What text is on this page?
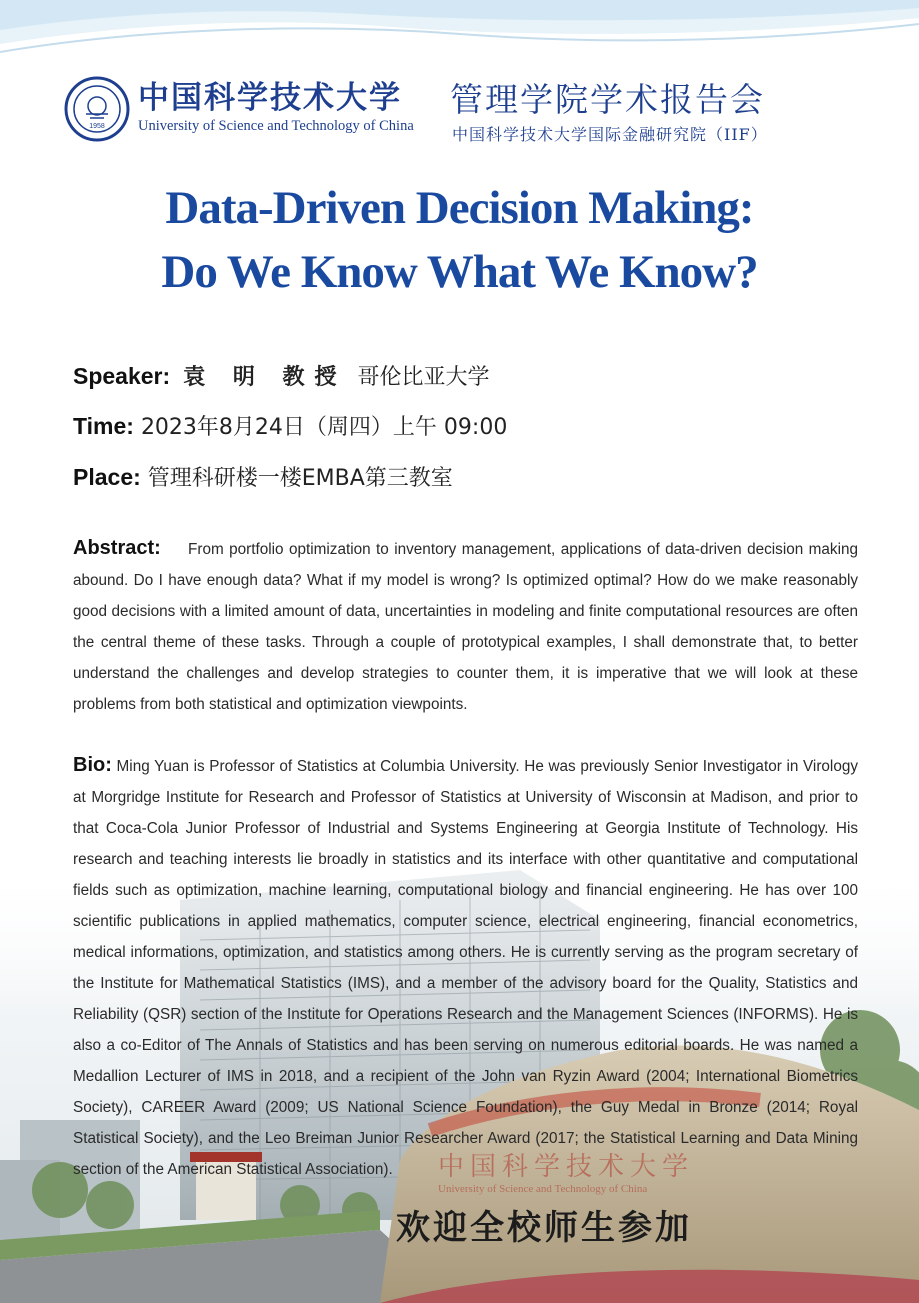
中国科学技术大学
University of Science and Technology of China
1958
中国科学技术大学
University of Science and Technology of China
管理学院学术报告会
中国科学技术大学国际金融研究院（IIF）
Data-Driven Decision Making:
Do We Know What We Know?
Speaker: 袁 明 教授 哥伦比亚大学
Time: 2023年8月24日（周四）上午 09:00
Place: 管理科研楼一楼EMBA第三教室

Abstract: From portfolio optimization to inventory management, applications of data-driven decision making abound. Do I have enough data? What if my model is wrong? Is optimized optimal? How do we make reasonably good decisions with a limited amount of data, uncertainties in modeling and finite computational resources are often the central theme of these tasks. Through a couple of prototypical examples, I shall demonstrate that, to better understand the challenges and develop strategies to counter them, it is imperative that we will look at these problems from both statistical and optimization viewpoints.

Bio: Ming Yuan is Professor of Statistics at Columbia University. He was previously Senior Investigator in Virology at Morgridge Institute for Research and Professor of Statistics at University of Wisconsin at Madison, and prior to that Coca-Cola Junior Professor of Industrial and Systems Engineering at Georgia Institute of Technology. His research and teaching interests lie broadly in statistics and its interface with other quantitative and computational fields such as optimization, machine learning, computational biology and financial engineering. He has over 100 scientific publications in applied mathematics, computer science, electrical engineering, financial econometrics, medical informations, optimization, and statistics among others. He is currently serving as the program secretary of the Institute for Mathematical Statistics (IMS), and a member of the advisory board for the Quality, Statistics and Reliability (QSR) section of the Institute for Operations Research and the Management Sciences (INFORMS). He is also a co-Editor of The Annals of Statistics and has been serving on numerous editorial boards. He was named a Medallion Lecturer of IMS in 2018, and a recipient of the John van Ryzin Award (2004; International Biometrics Society), CAREER Award (2009; US National Science Foundation), the Guy Medal in Bronze (2014; Royal Statistical Society), and the Leo Breiman Junior Researcher Award (2017; the Statistical Learning and Data Mining section of the American Statistical Association).

欢迎全校师生参加
